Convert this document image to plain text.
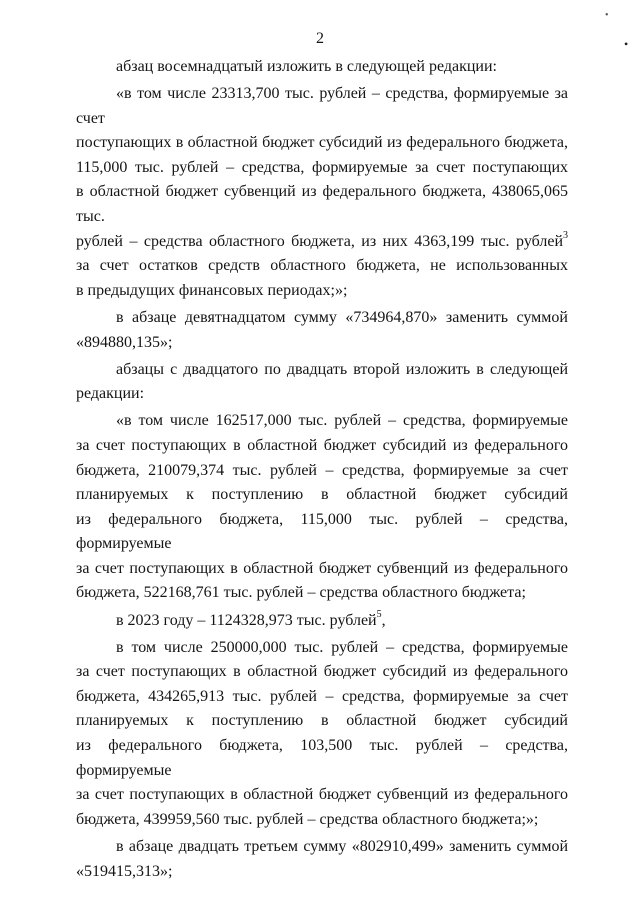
2
•
•
абзац восемнадцатый изложить в следующей редакции:
«в том числе 23313,700 тыс. рублей – средства, формируемые за счет
поступающих в областной бюджет субсидий из федерального бюджета,
115,000 тыс. рублей – средства, формируемые за счет поступающих
в областной бюджет субвенций из федерального бюджета, 438065,065 тыс.
рублей – средства областного бюджета, из них 4363,199 тыс. рублей$^3$
за счет остатков средств областного бюджета, не использованных
в предыдущих финансовых периодах;»;
в абзаце девятнадцатом сумму «734964,870» заменить суммой
«894880,135»;
абзацы с двадцатого по двадцать второй изложить в следующей
редакции:
«в том числе 162517,000 тыс. рублей – средства, формируемые
за счет поступающих в областной бюджет субсидий из федерального
бюджета, 210079,374 тыс. рублей – средства, формируемые за счет
планируемых к поступлению в областной бюджет субсидий
из федерального бюджета, 115,000 тыс. рублей – средства, формируемые
за счет поступающих в областной бюджет субвенций из федерального
бюджета, 522168,761 тыс. рублей – средства областного бюджета;
в 2023 году – 1124328,973 тыс. рублей$^5$,
в том числе 250000,000 тыс. рублей – средства, формируемые
за счет поступающих в областной бюджет субсидий из федерального
бюджета, 434265,913 тыс. рублей – средства, формируемые за счет
планируемых к поступлению в областной бюджет субсидий
из федерального бюджета, 103,500 тыс. рублей – средства, формируемые
за счет поступающих в областной бюджет субвенций из федерального
бюджета, 439959,560 тыс. рублей – средства областного бюджета;»;
в абзаце двадцать третьем сумму «802910,499» заменить суммой
«519415,313»;
